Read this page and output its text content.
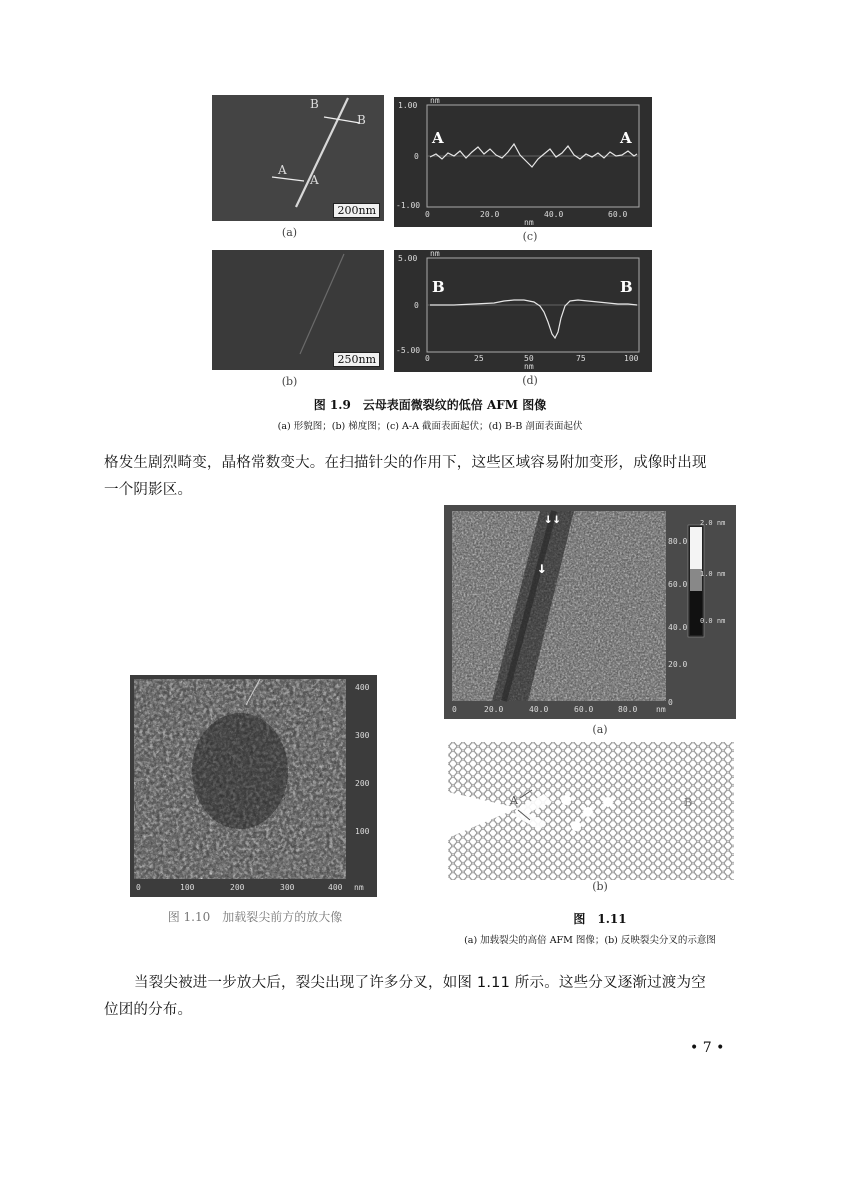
B
B
A
A
200nm
(a)
250nm
(b)
nm
1.00
0
-1.00
0	20.0	40.0	60.0
nm
A	A
(c)
nm
5.00
0
-5.00
0	25	50	75	100
nm
B	B
(d)
图 1.9　云母表面微裂纹的低倍 AFM 图像
(a) 形貌图；(b) 梯度图；(c) A-A 截面表面起伏；(d) B-B 剖面表面起伏
格发生剧烈畸变，晶格常数变大。在扫描针尖的作用下，这些区域容易附加变形，成像时出现
一个阴影区。
↓↓
↓
2.0 nm
1.0 nm
0.0 nm
80.0
60.0
40.0
20.0
0
0	20.0	40.0	60.0	80.0 nm
(a)
A	B
(b)
400
300
200
100
0	100	200	300	400 nm
图 1.10　加载裂尖前方的放大像	图　1.11
(a) 加载裂尖的高倍 AFM 图像；(b) 反映裂尖分叉的示意图
当裂尖被进一步放大后，裂尖出现了许多分叉，如图 1.11 所示。这些分叉逐渐过渡为空
位团的分布。
• 7 •
